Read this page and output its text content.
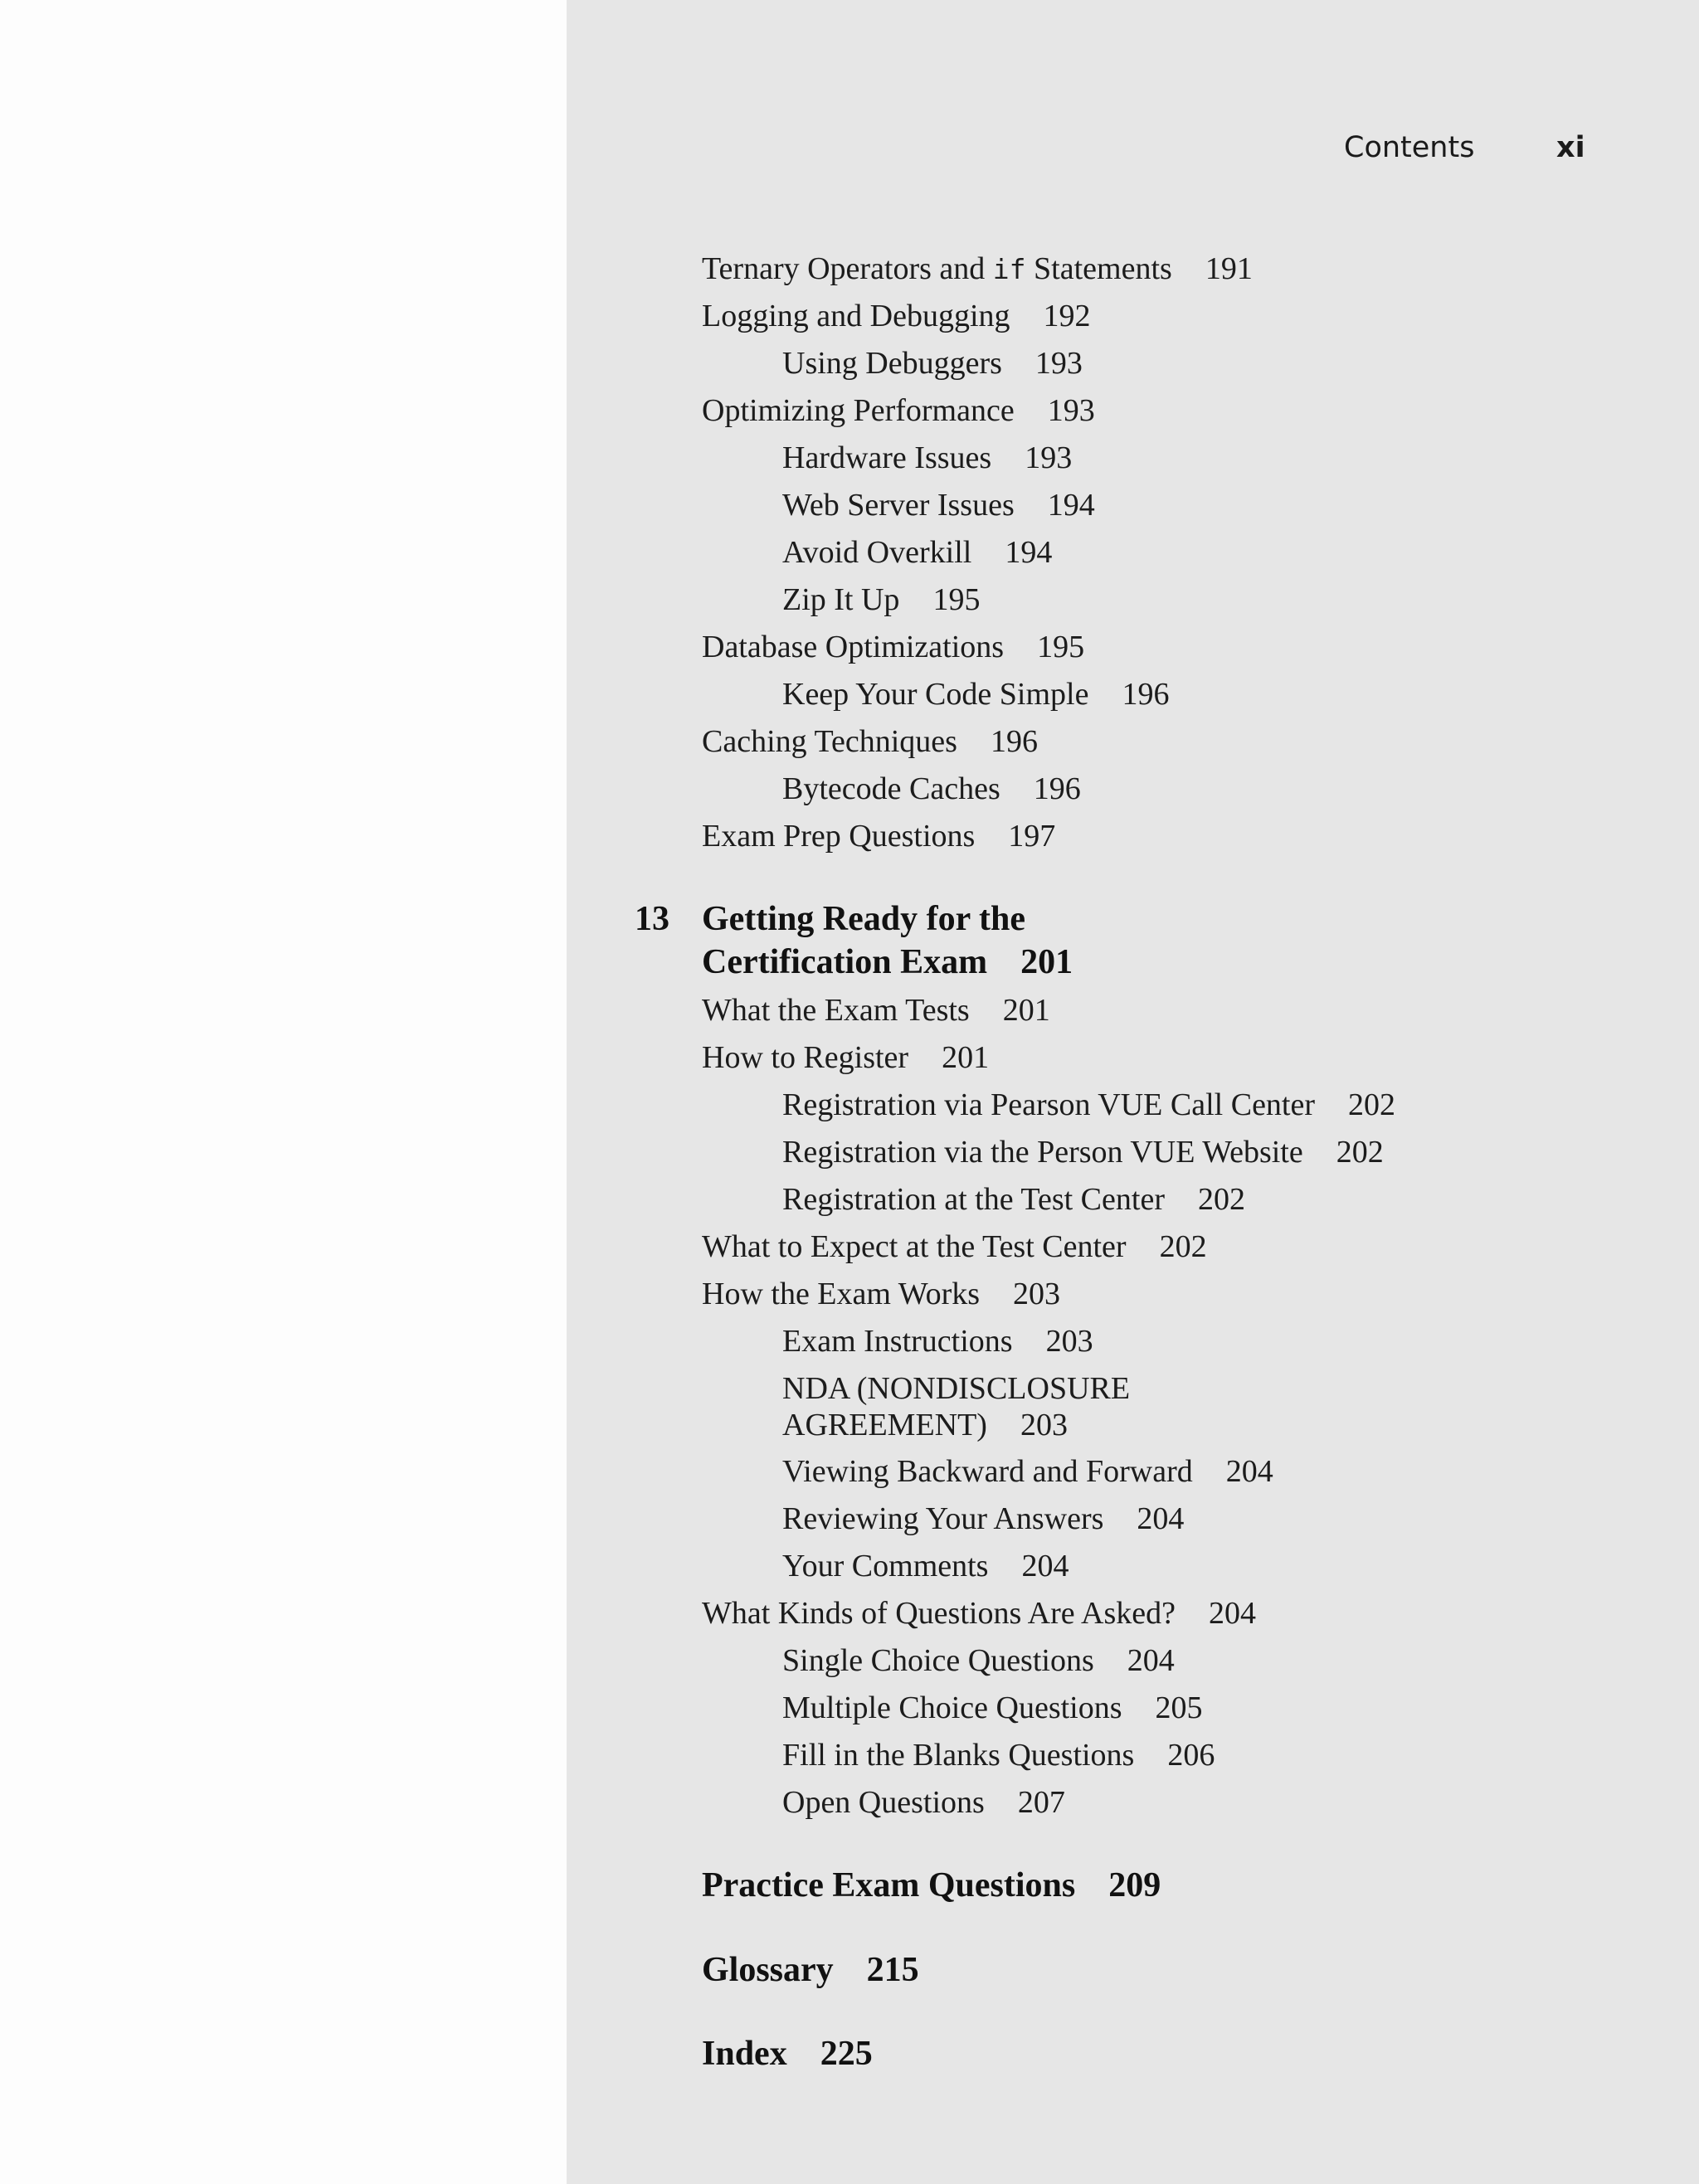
Contents	xi
Ternary Operators and if Statements 191
Logging and Debugging 192
Using Debuggers 193
Optimizing Performance 193
Hardware Issues 193
Web Server Issues 194
Avoid Overkill 194
Zip It Up 195
Database Optimizations 195
Keep Your Code Simple 196
Caching Techniques 196
Bytecode Caches 196
Exam Prep Questions 197
13 Getting Ready for the
Certification Exam 201
What the Exam Tests 201
How to Register 201
Registration via Pearson VUE Call Center 202
Registration via the Person VUE Website 202
Registration at the Test Center 202
What to Expect at the Test Center 202
How the Exam Works 203
Exam Instructions 203
NDA (NONDISCLOSURE
AGREEMENT) 203
Viewing Backward and Forward 204
Reviewing Your Answers 204
Your Comments 204
What Kinds of Questions Are Asked? 204
Single Choice Questions 204
Multiple Choice Questions 205
Fill in the Blanks Questions 206
Open Questions 207
Practice Exam Questions 209
Glossary 215
Index 225
